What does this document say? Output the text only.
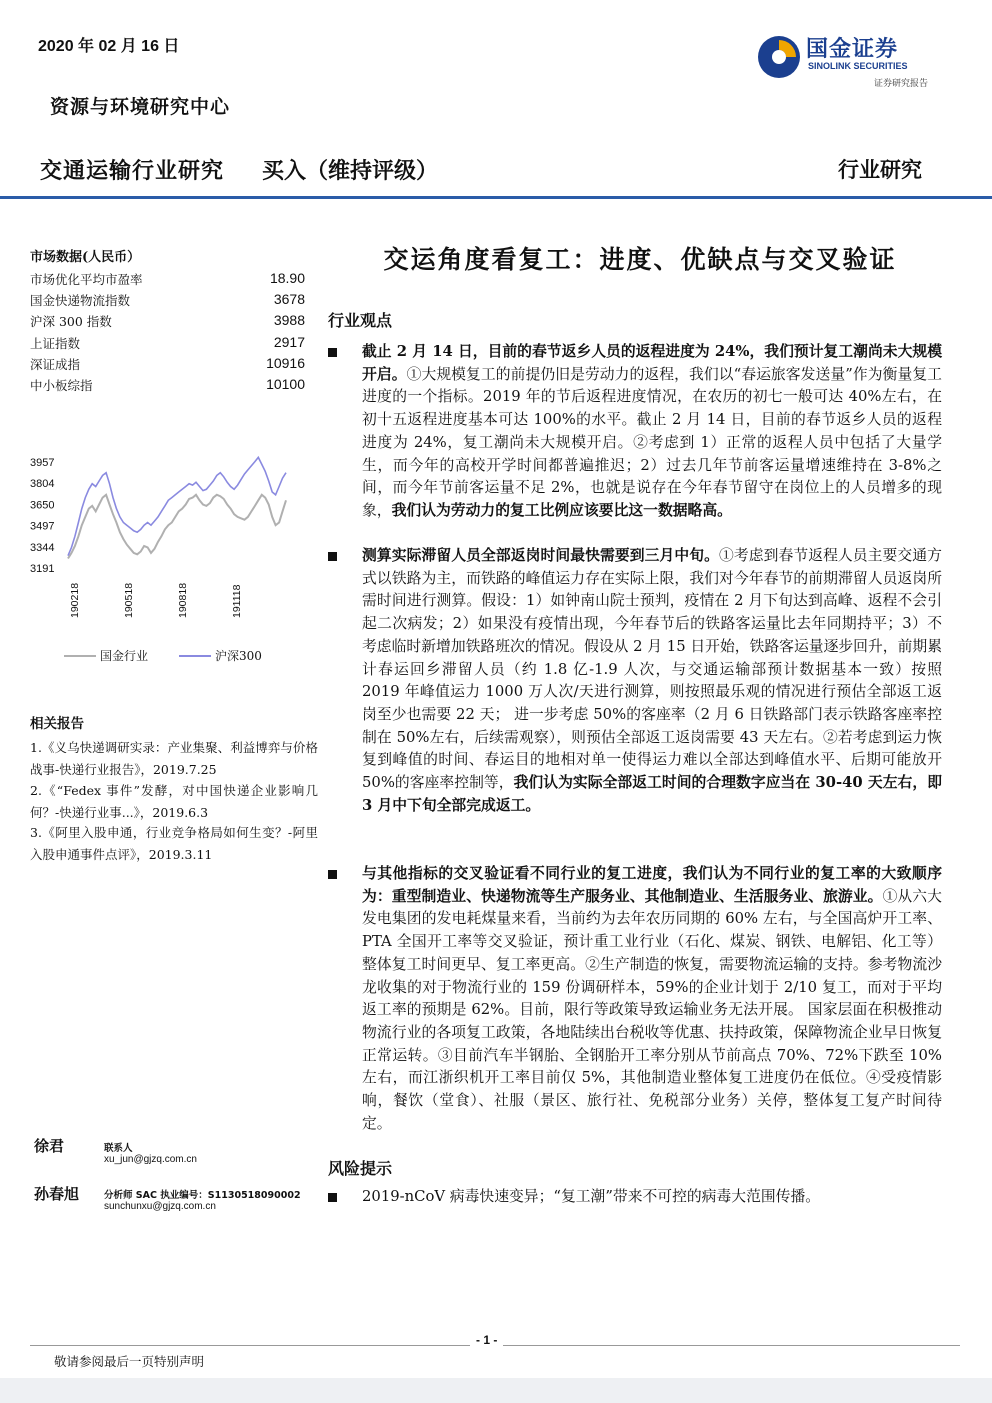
2020 年 02 月 16 日
资源与环境研究中心
国金证券
SINOLINK SECURITIES
证券研究报告
交通运输行业研究 买入（维持评级）	行业研究
市场数据(人民币）
市场优化平均市盈率	18.90
国金快递物流指数	3678
沪深 300 指数	3988
上证指数	2917
深证成指	10916
中小板综指	10100
3957
3804
3650
3497
3344
3191
190218	190518	190818	191118
国金行业	沪深300
相关报告
1.《义乌快递调研实录：产业集聚、利益博弈与价格战事-快递行业报告》，2019.7.25
2.《“Fedex 事件”发酵，对中国快递企业影响几何？-快递行业事...》，2019.6.3
3.《阿里入股申通，行业竞争格局如何生变？-阿里入股申通事件点评》，2019.3.11
徐君	联系人
xu_jun@gjzq.com.cn
孙春旭	分析师 SAC 执业编号：S1130518090002
sunchunxu@gjzq.com.cn
交运角度看复工：进度、优缺点与交叉验证
行业观点
截止 2 月 14 日，目前的春节返乡人员的返程进度为 24%，我们预计复工潮尚未大规模开启。①大规模复工的前提仍旧是劳动力的返程，我们以“春运旅客发送量”作为衡量复工进度的一个指标。2019 年的节后返程进度情况，在农历的初七一般可达 40%左右，在初十五返程进度基本可达 100%的水平。截止 2 月 14 日，目前的春节返乡人员的返程进度为 24%，复工潮尚未大规模开启。②考虑到 1）正常的返程人员中包括了大量学生，而今年的高校开学时间都普遍推迟；2）过去几年节前客运量增速维持在 3-8%之间，而今年节前客运量不足 2%，也就是说存在今年春节留守在岗位上的人员增多的现象，我们认为劳动力的复工比例应该要比这一数据略高。
测算实际滞留人员全部返岗时间最快需要到三月中旬。①考虑到春节返程人员主要交通方式以铁路为主，而铁路的峰值运力存在实际上限，我们对今年春节的前期滞留人员返岗所需时间进行测算。假设：1）如钟南山院士预判，疫情在 2 月下旬达到高峰、返程不会引起二次病发；2）如果没有疫情出现，今年春节后的铁路客运量比去年同期持平；3）不考虑临时新增加铁路班次的情况。假设从 2 月 15 日开始，铁路客运量逐步回升，前期累计春运回乡滞留人员（约 1.8 亿-1.9 人次，与交通运输部预计数据基本一致）按照 2019 年峰值运力 1000 万人次/天进行测算，则按照最乐观的情况进行预估全部返工返岗至少也需要 22 天； 进一步考虑 50%的客座率（2 月 6 日铁路部门表示铁路客座率控制在 50%左右，后续需观察），则预估全部返工返岗需要 43 天左右。②若考虑到运力恢复到峰值的时间、春运目的地相对单一使得运力难以全部达到峰值水平、后期可能放开 50%的客座率控制等，我们认为实际全部返工时间的合理数字应当在 30-40 天左右，即 3 月中下旬全部完成返工。
与其他指标的交叉验证看不同行业的复工进度，我们认为不同行业的复工率的大致顺序为：重型制造业、快递物流等生产服务业、其他制造业、生活服务业、旅游业。①从六大发电集团的发电耗煤量来看，当前约为去年农历同期的 60% 左右，与全国高炉开工率、PTA 全国开工率等交叉验证，预计重工业行业（石化、煤炭、钢铁、电解铝、化工等）整体复工时间更早、复工率更高。②生产制造的恢复，需要物流运输的支持。参考物流沙龙收集的对于物流行业的 159 份调研样本，59%的企业计划于 2/10 复工，而对于平均返工率的预期是 62%。目前，限行等政策导致运输业务无法开展。 国家层面在积极推动物流行业的各项复工政策，各地陆续出台税收等优惠、扶持政策，保障物流企业早日恢复正常运转。③目前汽车半钢胎、全钢胎开工率分别从节前高点 70%、72%下跌至 10%左右，而江浙织机开工率目前仅 5%，其他制造业整体复工进度仍在低位。④受疫情影响，餐饮（堂食）、社服（景区、旅行社、免税部分业务）关停，整体复工复产时间待定。
风险提示
2019-nCoV 病毒快速变异；“复工潮”带来不可控的病毒大范围传播。
- 1 -
敬请参阅最后一页特别声明
